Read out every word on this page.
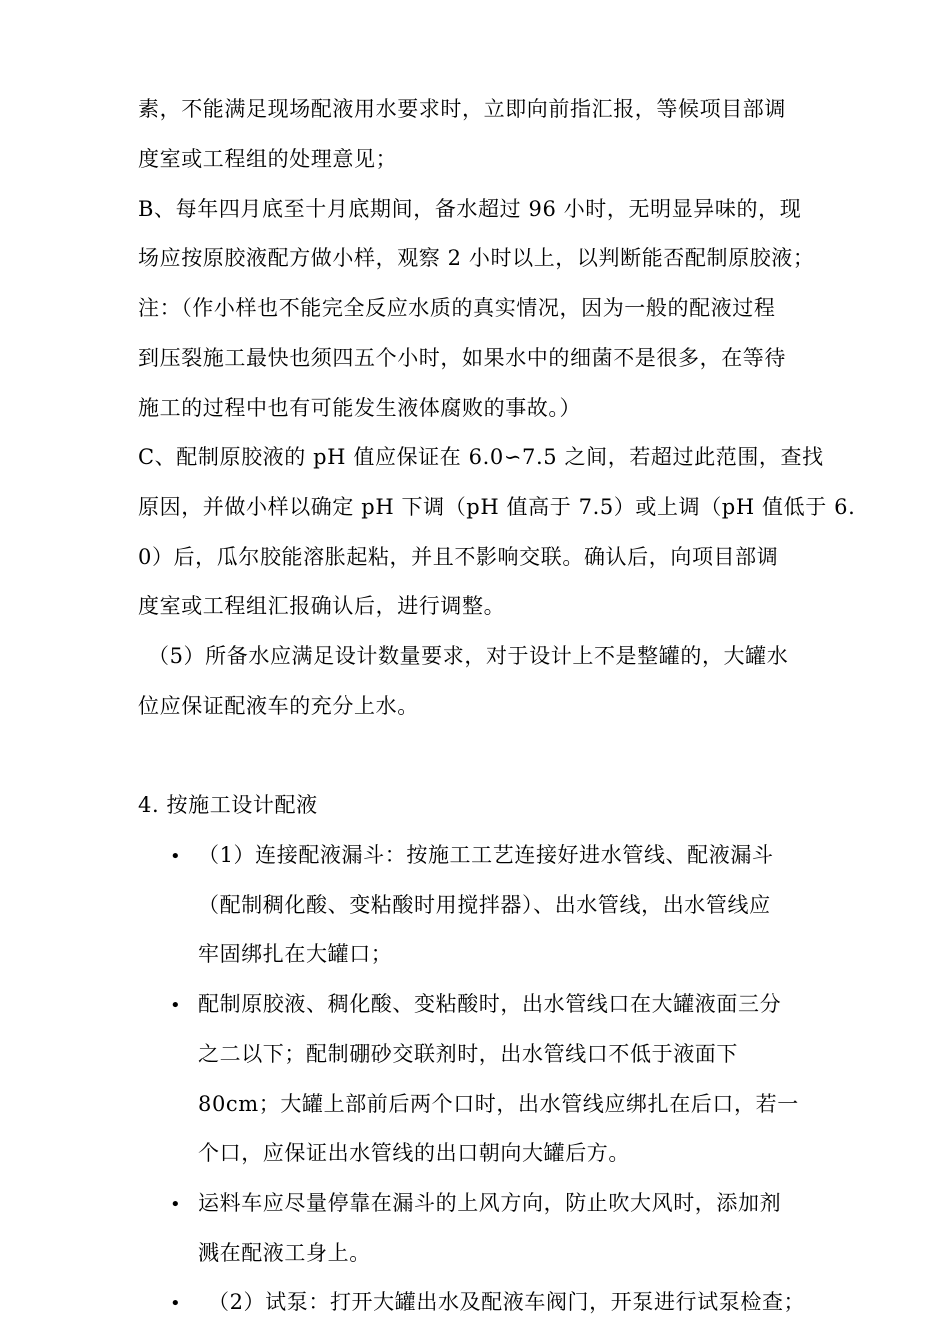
素，不能满足现场配液用水要求时，立即向前指汇报，等候项目部调
度室或工程组的处理意见；
B、每年四月底至十月底期间，备水超过 96 小时，无明显异味的，现
场应按原胶液配方做小样，观察 2 小时以上，以判断能否配制原胶液；
注：（作小样也不能完全反应水质的真实情况，因为一般的配液过程
到压裂施工最快也须四五个小时，如果水中的细菌不是很多，在等待
施工的过程中也有可能发生液体腐败的事故。）
C、配制原胶液的 pH 值应保证在 6.0∽7.5 之间，若超过此范围，查找
原因，并做小样以确定 pH 下调（pH 值高于 7.5）或上调（pH 值低于 6.
0）后，瓜尔胶能溶胀起粘，并且不影响交联。确认后，向项目部调
度室或工程组汇报确认后，进行调整。
（5）所备水应满足设计数量要求，对于设计上不是整罐的，大罐水
位应保证配液车的充分上水。
4. 按施工设计配液
• （1）连接配液漏斗：按施工工艺连接好进水管线、配液漏斗
（配制稠化酸、变粘酸时用搅拌器）、出水管线，出水管线应
牢固绑扎在大罐口；
• 配制原胶液、稠化酸、变粘酸时，出水管线口在大罐液面三分
之二以下；配制硼砂交联剂时，出水管线口不低于液面下
80cm；大罐上部前后两个口时，出水管线应绑扎在后口，若一
个口，应保证出水管线的出口朝向大罐后方。
• 运料车应尽量停靠在漏斗的上风方向，防止吹大风时，添加剂
溅在配液工身上。
• （2）试泵：打开大罐出水及配液车阀门，开泵进行试泵检查；
